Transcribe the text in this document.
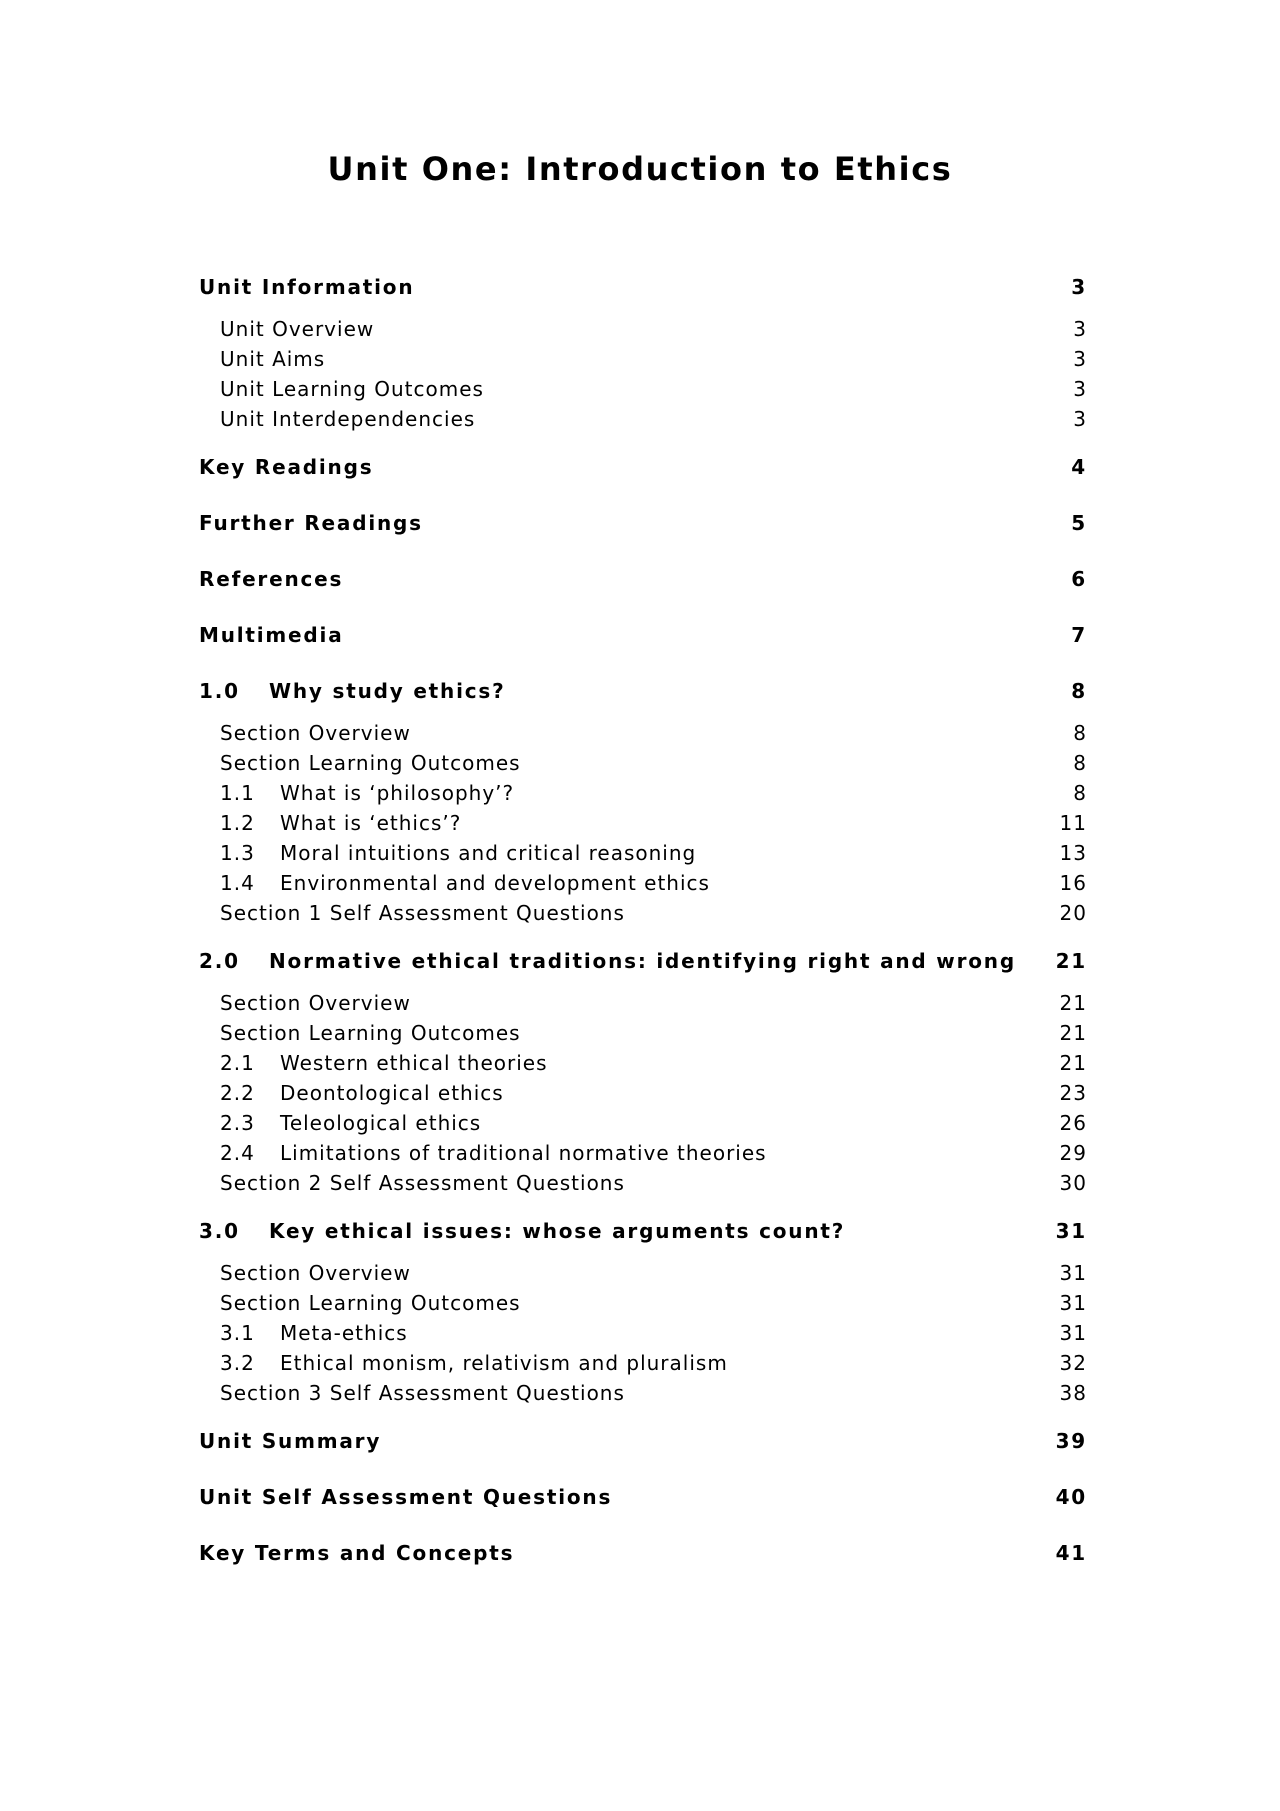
Unit One: Introduction to Ethics
Unit Information	3
Unit Overview	3
Unit Aims	3
Unit Learning Outcomes	3
Unit Interdependencies	3
Key Readings	4
Further Readings	5
References	6
Multimedia	7
1.0	Why study ethics?	8
Section Overview	8
Section Learning Outcomes	8
1.1	What is ‘philosophy’?	8
1.2	What is ‘ethics’?	11
1.3	Moral intuitions and critical reasoning	13
1.4	Environmental and development ethics	16
Section 1 Self Assessment Questions	20
2.0	Normative ethical traditions: identifying right and wrong	21
Section Overview	21
Section Learning Outcomes	21
2.1	Western ethical theories	21
2.2	Deontological ethics	23
2.3	Teleological ethics	26
2.4	Limitations of traditional normative theories	29
Section 2 Self Assessment Questions	30
3.0	Key ethical issues: whose arguments count?	31
Section Overview	31
Section Learning Outcomes	31
3.1	Meta-ethics	31
3.2	Ethical monism, relativism and pluralism	32
Section 3 Self Assessment Questions	38
Unit Summary	39
Unit Self Assessment Questions	40
Key Terms and Concepts	41
